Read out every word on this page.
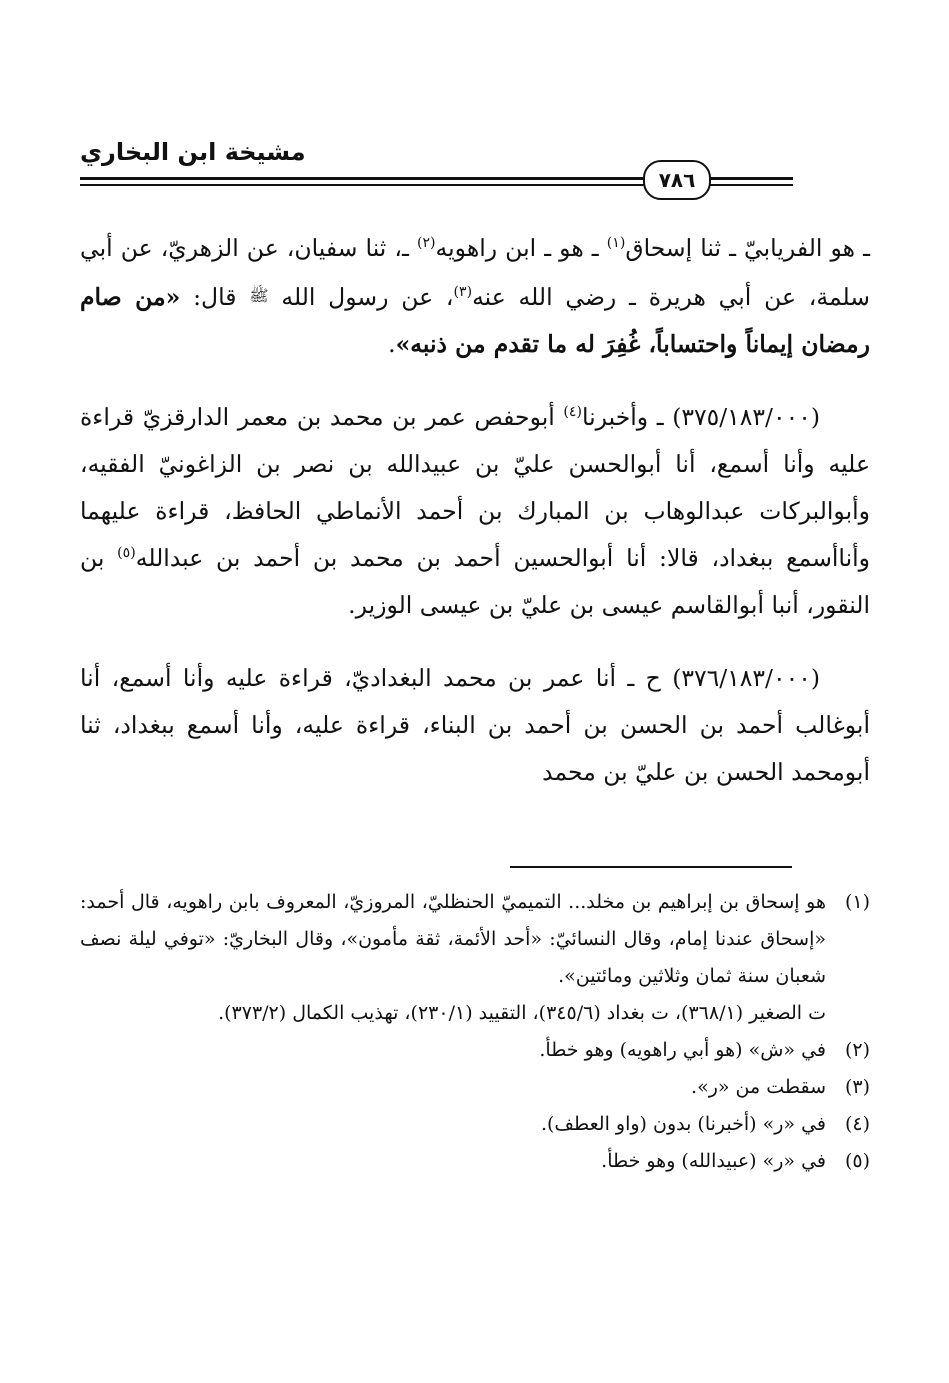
مشيخة ابن البخاري
٧٨٦

ـ هو الفريابيّ ـ ثنا إسحاق$^{(١)}$ ـ هو ـ ابن راهويه$^{(٢)}$ ـ، ثنا سفيان، عن الزهريّ، عن أبي سلمة، عن أبي هريرة ـ رضي الله عنه$^{(٣)}$، عن رسول الله ﷺ قال: «من صام رمضان إيماناً واحتساباً، غُفِرَ له ما تقدم من ذنبه».

(٣٧٥/١٨٣/٠٠٠) ـ وأخبرنا$^{(٤)}$ أبوحفص عمر بن محمد بن معمر الدارقزيّ قراءة عليه وأنا أسمع، أنا أبوالحسن عليّ بن عبيدالله بن نصر بن الزاغونيّ الفقيه، وأبوالبركات عبدالوهاب بن المبارك بن أحمد الأنماطي الحافظ، قراءة عليهما وأناأسمع ببغداد، قالا: أنا أبوالحسين أحمد بن محمد بن أحمد بن عبدالله$^{(٥)}$ بن النقور، أنبا أبوالقاسم عيسى بن عليّ بن عيسى الوزير.

(٣٧٦/١٨٣/٠٠٠) ح ـ أنا عمر بن محمد البغداديّ، قراءة عليه وأنا أسمع، أنا أبوغالب أحمد بن الحسن بن أحمد بن البناء، قراءة عليه، وأنا أسمع ببغداد، ثنا أبومحمد الحسن بن عليّ بن محمد

(١)
هو إسحاق بن إبراهيم بن مخلد... التميميّ الحنظليّ، المروزيّ، المعروف بابن راهويه، قال أحمد: «إسحاق عندنا إمام، وقال النسائيّ: «أحد الأئمة، ثقة مأمون»، وقال البخاريّ: «توفي ليلة نصف شعبان سنة ثمان وثلاثين ومائتين».
ت الصغير (٣٦٨/١)، ت بغداد (٣٤٥/٦)، التقييد (٢٣٠/١)، تهذيب الكمال (٣٧٣/٢).
(٢)
في «ش» (هو أبي راهويه) وهو خطأ.
(٣)
سقطت من «ر».
(٤)
في «ر» (أخبرنا) بدون (واو العطف).
(٥)
في «ر» (عبيدالله) وهو خطأ.
